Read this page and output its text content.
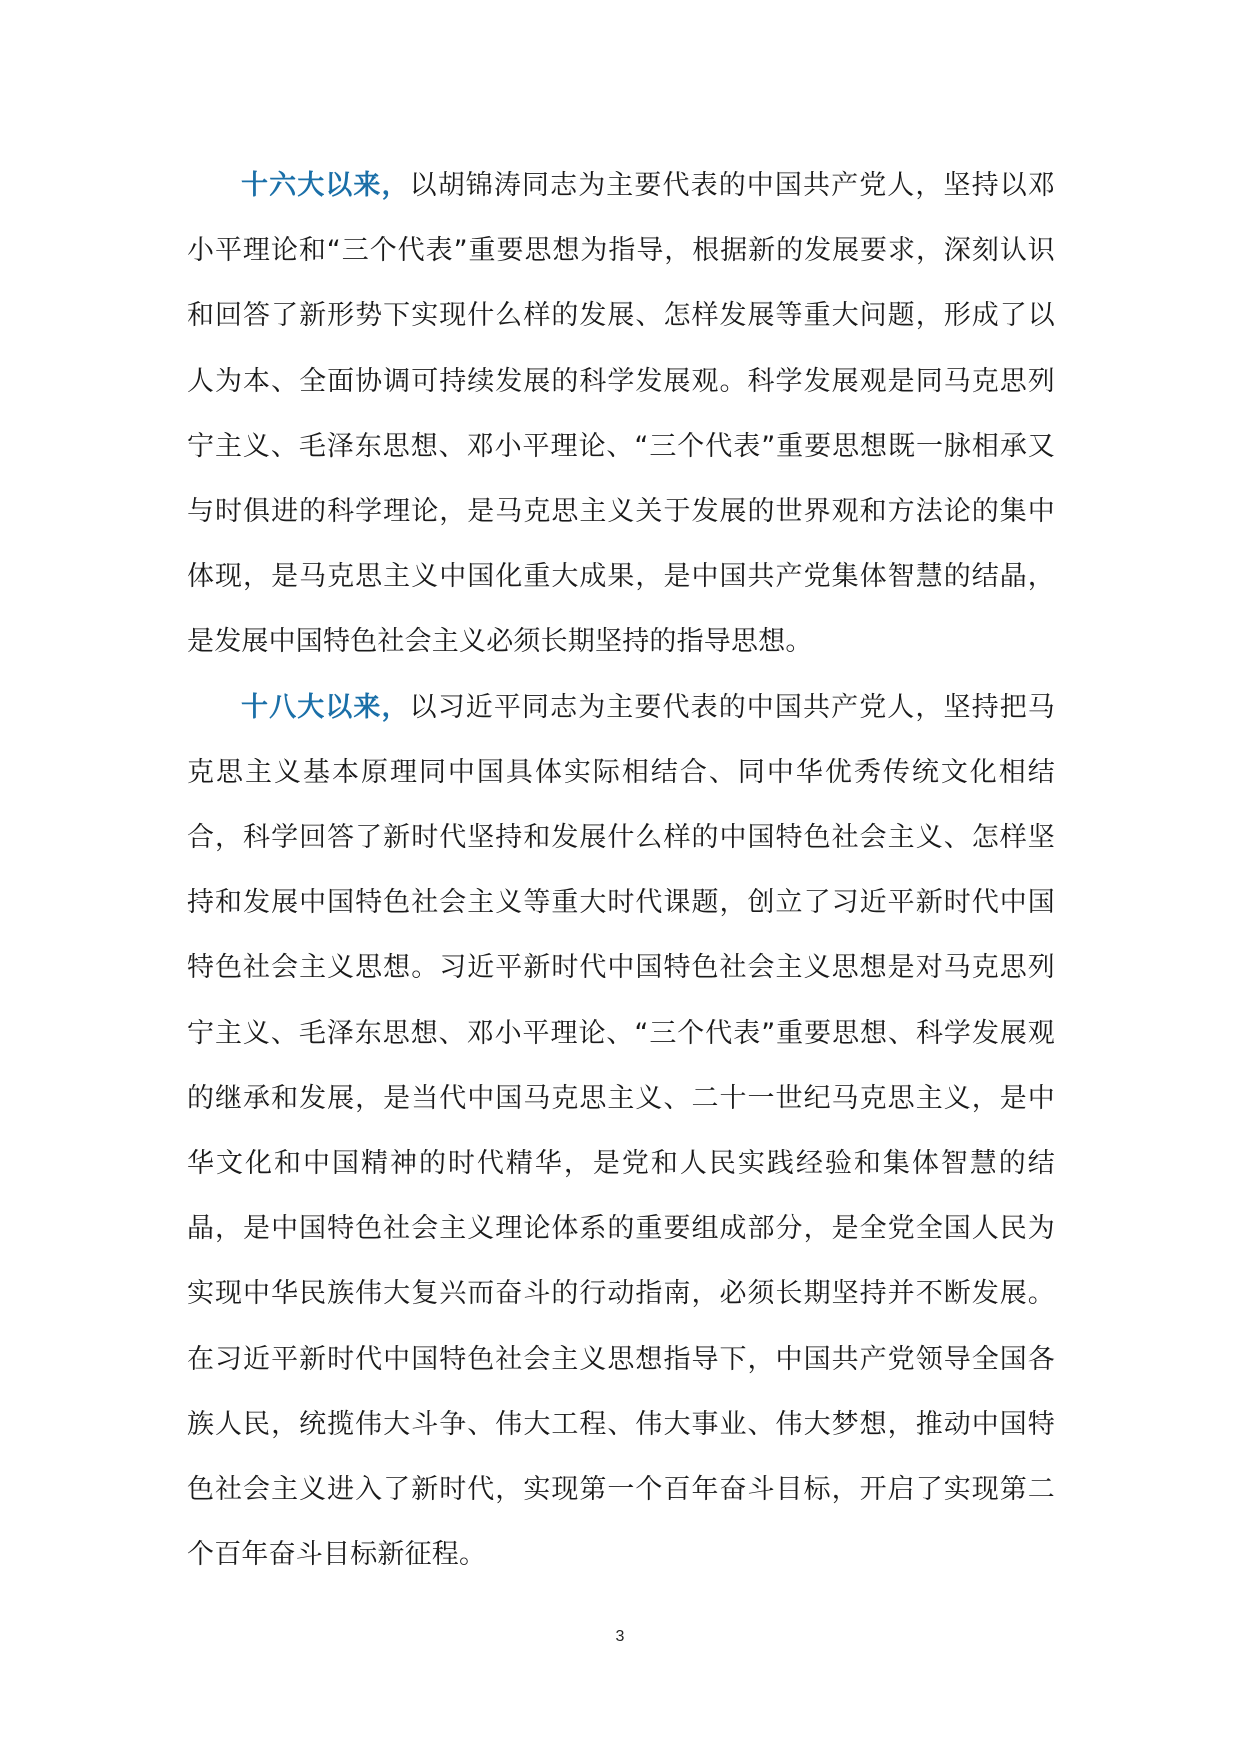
十六大以来，以胡锦涛同志为主要代表的中国共产党人，坚持以邓小平理论和“三个代表”重要思想为指导，根据新的发展要求，深刻认识和回答了新形势下实现什么样的发展、怎样发展等重大问题，形成了以人为本、全面协调可持续发展的科学发展观。科学发展观是同马克思列宁主义、毛泽东思想、邓小平理论、“三个代表”重要思想既一脉相承又与时俱进的科学理论，是马克思主义关于发展的世界观和方法论的集中体现，是马克思主义中国化重大成果，是中国共产党集体智慧的结晶，是发展中国特色社会主义必须长期坚持的指导思想。

十八大以来，以习近平同志为主要代表的中国共产党人，坚持把马克思主义基本原理同中国具体实际相结合、同中华优秀传统文化相结合，科学回答了新时代坚持和发展什么样的中国特色社会主义、怎样坚持和发展中国特色社会主义等重大时代课题，创立了习近平新时代中国特色社会主义思想。习近平新时代中国特色社会主义思想是对马克思列宁主义、毛泽东思想、邓小平理论、“三个代表”重要思想、科学发展观的继承和发展，是当代中国马克思主义、二十一世纪马克思主义，是中华文化和中国精神的时代精华，是党和人民实践经验和集体智慧的结晶，是中国特色社会主义理论体系的重要组成部分，是全党全国人民为实现中华民族伟大复兴而奋斗的行动指南，必须长期坚持并不断发展。在习近平新时代中国特色社会主义思想指导下，中国共产党领导全国各族人民，统揽伟大斗争、伟大工程、伟大事业、伟大梦想，推动中国特色社会主义进入了新时代，实现第一个百年奋斗目标，开启了实现第二个百年奋斗目标新征程。

3
